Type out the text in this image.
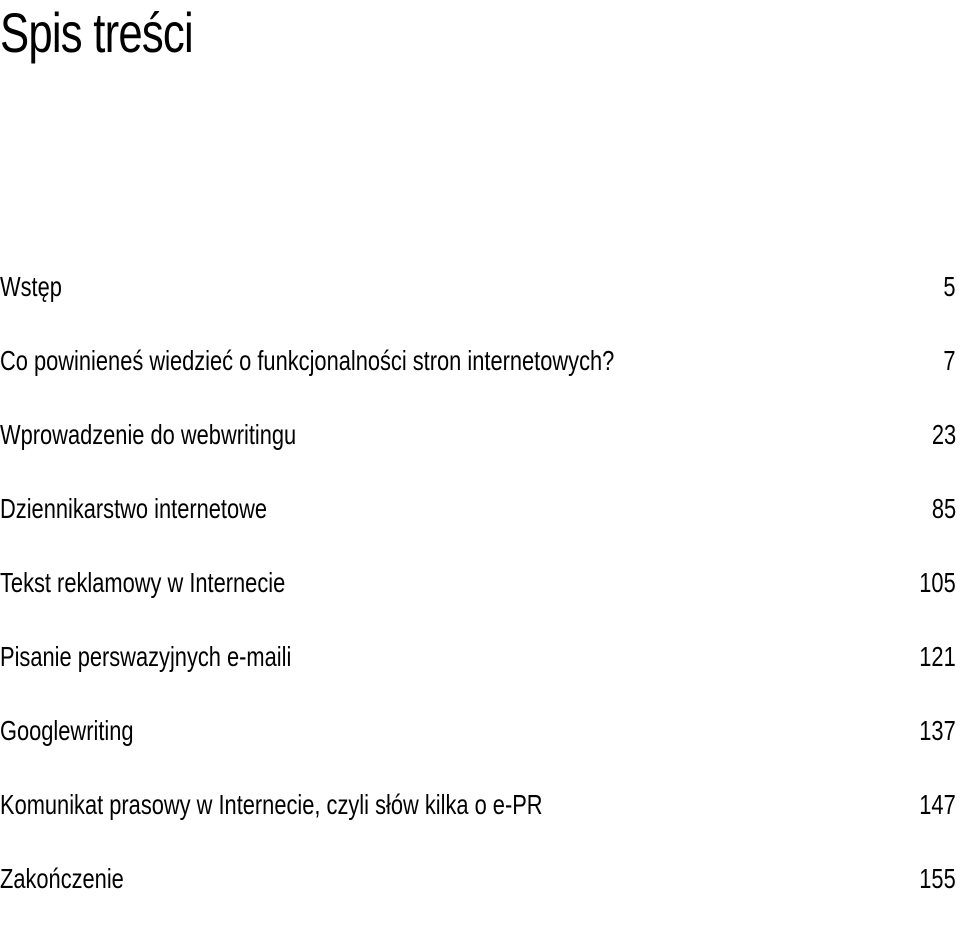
Spis treści
Wstęp	5
Co powinieneś wiedzieć o funkcjonalności stron internetowych?	7
Wprowadzenie do webwritingu	23
Dziennikarstwo internetowe	85
Tekst reklamowy w Internecie	105
Pisanie perswazyjnych e-maili	121
Googlewriting	137
Komunikat prasowy w Internecie, czyli słów kilka o e-PR	147
Zakończenie	155
